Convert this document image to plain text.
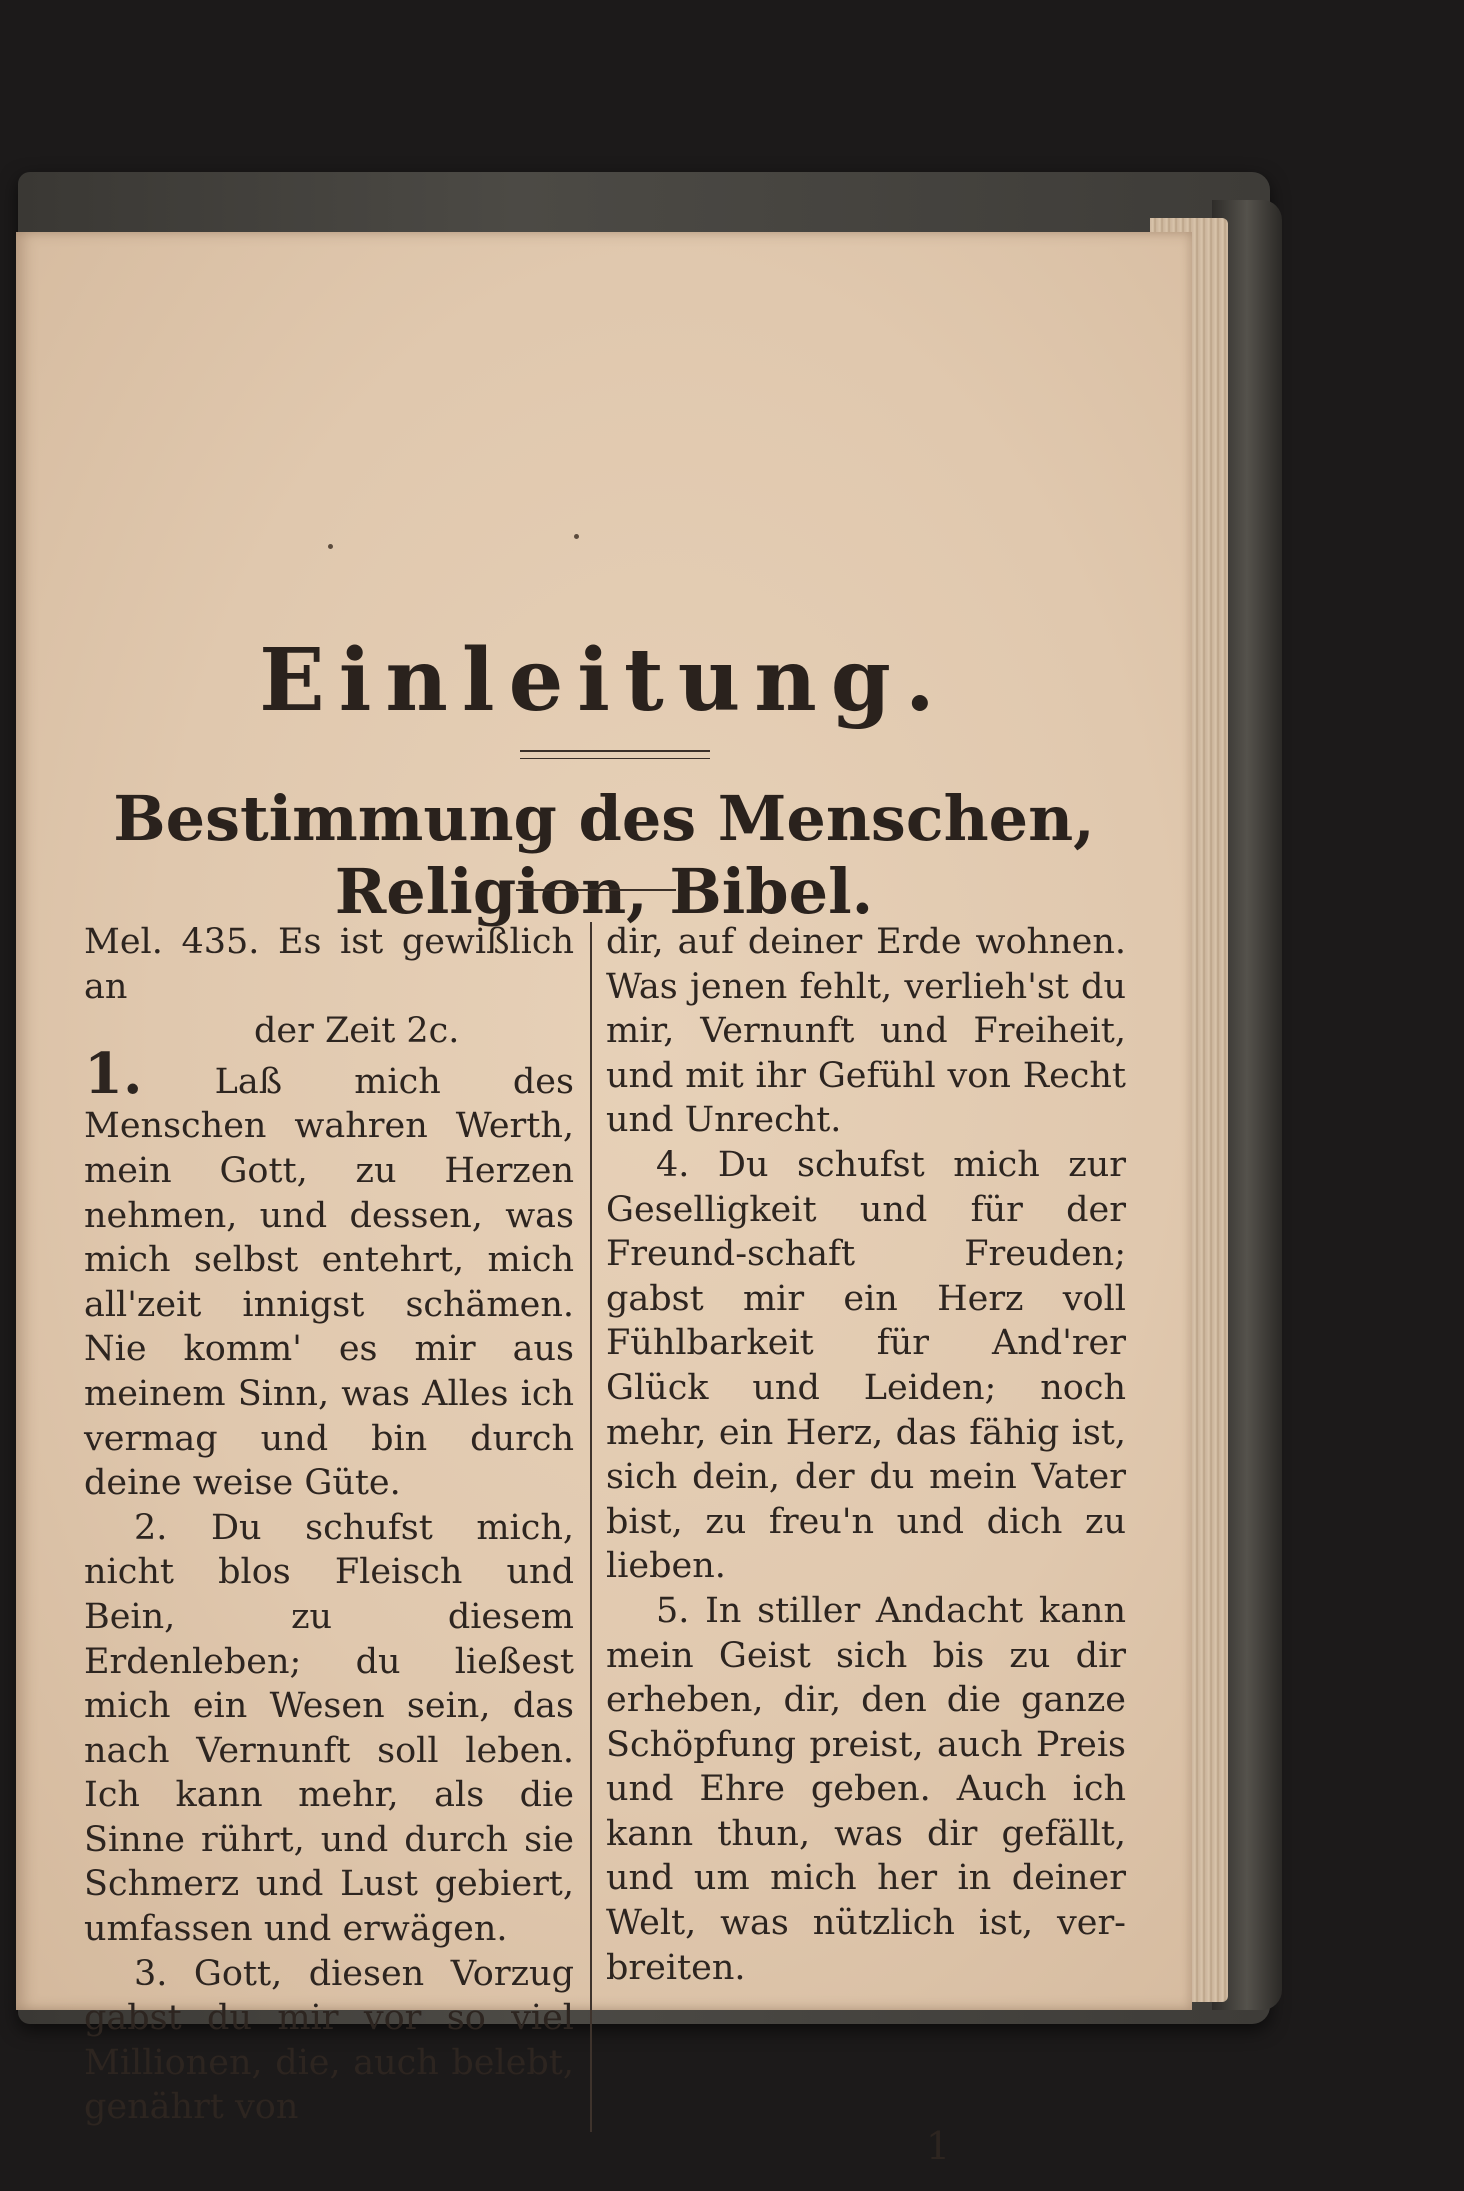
Einleitung.
Bestimmung des Menschen, Religion, Bibel.

Mel. 435. Es ist gewißlich an

der Zeit 2c.

1. Laß mich des Menschen wahren Werth, mein Gott, zu Herzen nehmen, und dessen, was mich selbst entehrt, mich all'zeit innigst schämen. Nie komm' es mir aus meinem Sinn, was Alles ich vermag und bin durch deine weise Güte.

2. Du schufst mich, nicht blos Fleisch und Bein, zu diesem Erdenleben; du ließest mich ein Wesen sein, das nach Vernunft soll leben. Ich kann mehr, als die Sinne rührt, und durch sie Schmerz und Lust gebiert, umfassen und erwägen.

3. Gott, diesen Vorzug gabst du mir vor so viel Millionen, die, auch belebt, genährt von

dir, auf deiner Erde wohnen. Was jenen fehlt, verlieh'st du mir, Vernunft und Freiheit, und mit ihr Gefühl von Recht und Unrecht.

4. Du schufst mich zur Geselligkeit und für der Freund-schaft Freuden; gabst mir ein Herz voll Fühlbarkeit für And'rer Glück und Leiden; noch mehr, ein Herz, das fähig ist, sich dein, der du mein Vater bist, zu freu'n und dich zu lieben.

5. In stiller Andacht kann mein Geist sich bis zu dir erheben, dir, den die ganze Schöpfung preist, auch Preis und Ehre geben. Auch ich kann thun, was dir gefällt, und um mich her in deiner Welt, was nützlich ist, ver-breiten.

1
